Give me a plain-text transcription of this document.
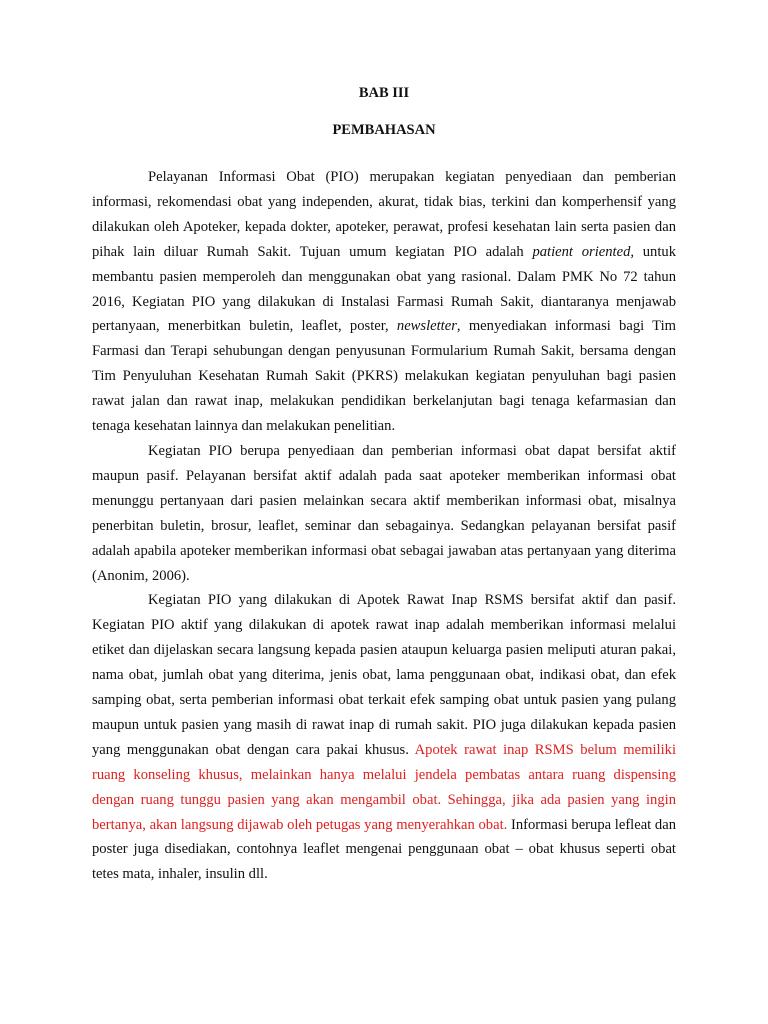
BAB III
PEMBAHASAN

Pelayanan Informasi Obat (PIO) merupakan kegiatan penyediaan dan pemberian informasi, rekomendasi obat yang independen, akurat, tidak bias, terkini dan komperhensif yang dilakukan oleh Apoteker, kepada dokter, apoteker, perawat, profesi kesehatan lain serta pasien dan pihak lain diluar Rumah Sakit. Tujuan umum kegiatan PIO adalah patient oriented, untuk membantu pasien memperoleh dan menggunakan obat yang rasional. Dalam PMK No 72 tahun 2016, Kegiatan PIO yang dilakukan di Instalasi Farmasi Rumah Sakit, diantaranya menjawab pertanyaan, menerbitkan buletin, leaflet, poster, newsletter, menyediakan informasi bagi Tim Farmasi dan Terapi sehubungan dengan penyusunan Formularium Rumah Sakit, bersama dengan Tim Penyuluhan Kesehatan Rumah Sakit (PKRS) melakukan kegiatan penyuluhan bagi pasien rawat jalan dan rawat inap, melakukan pendidikan berkelanjutan bagi tenaga kefarmasian dan tenaga kesehatan lainnya dan melakukan penelitian.

Kegiatan PIO berupa penyediaan dan pemberian informasi obat dapat bersifat aktif maupun pasif. Pelayanan bersifat aktif adalah pada saat apoteker memberikan informasi obat menunggu pertanyaan dari pasien melainkan secara aktif memberikan informasi obat, misalnya penerbitan buletin, brosur, leaflet, seminar dan sebagainya. Sedangkan pelayanan bersifat pasif adalah apabila apoteker memberikan informasi obat sebagai jawaban atas pertanyaan yang diterima (Anonim, 2006).

Kegiatan PIO yang dilakukan di Apotek Rawat Inap RSMS bersifat aktif dan pasif. Kegiatan PIO aktif yang dilakukan di apotek rawat inap adalah memberikan informasi melalui etiket dan dijelaskan secara langsung kepada pasien ataupun keluarga pasien meliputi aturan pakai, nama obat, jumlah obat yang diterima, jenis obat, lama penggunaan obat, indikasi obat, dan efek samping obat, serta pemberian informasi obat terkait efek samping obat untuk pasien yang pulang maupun untuk pasien yang masih di rawat inap di rumah sakit. PIO juga dilakukan kepada pasien yang menggunakan obat dengan cara pakai khusus. Apotek rawat inap RSMS belum memiliki ruang konseling khusus, melainkan hanya melalui jendela pembatas antara ruang dispensing dengan ruang tunggu pasien yang akan mengambil obat. Sehingga, jika ada pasien yang ingin bertanya, akan langsung dijawab oleh petugas yang menyerahkan obat. Informasi berupa lefleat dan poster juga disediakan, contohnya leaflet mengenai penggunaan obat – obat khusus seperti obat tetes mata, inhaler, insulin dll.
